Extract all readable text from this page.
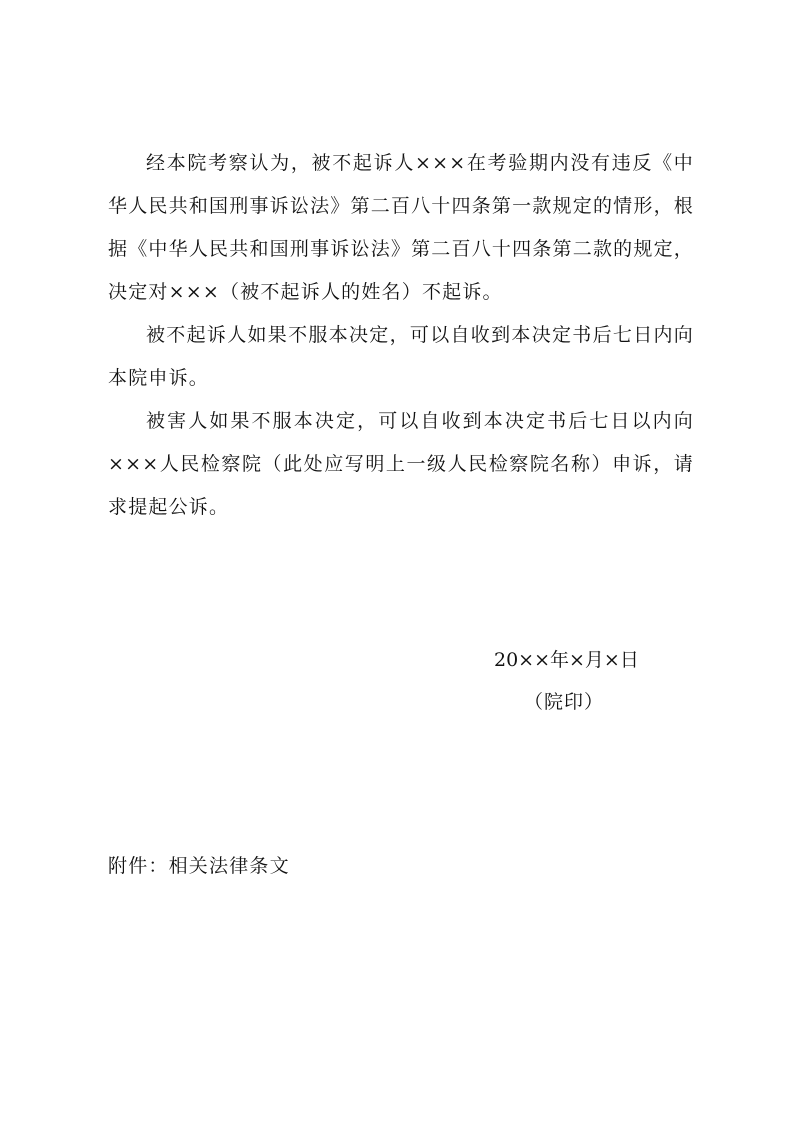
经本院考察认为，被不起诉人×××在考验期内没有违反《中华人民共和国刑事诉讼法》第二百八十四条第一款规定的情形，根据《中华人民共和国刑事诉讼法》第二百八十四条第二款的规定，决定对×××（被不起诉人的姓名）不起诉。

被不起诉人如果不服本决定，可以自收到本决定书后七日内向本院申诉。

被害人如果不服本决定，可以自收到本决定书后七日以内向×××人民检察院（此处应写明上一级人民检察院名称）申诉，请求提起公诉。

20××年×月×日
（院印）
附件：相关法律条文
